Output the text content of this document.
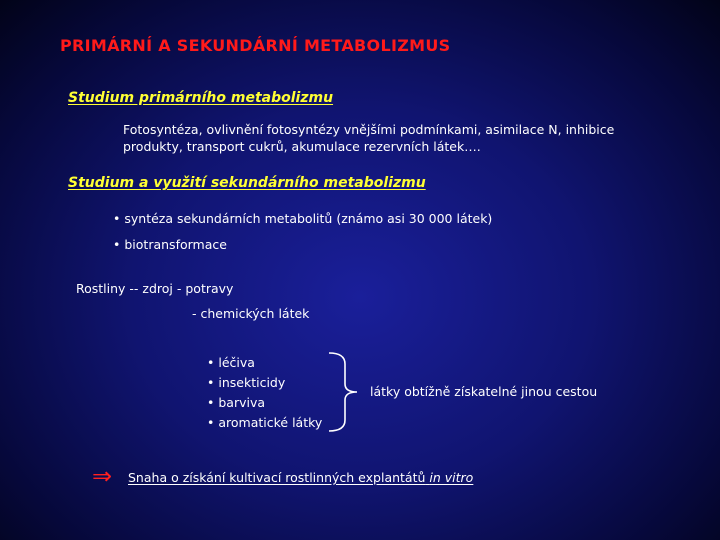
PRIMÁRNÍ A SEKUNDÁRNÍ METABOLIZMUS
Studium primárního metabolizmu
Fotosyntéza, ovlivnění fotosyntézy vnějšími podmínkami, asimilace N, inhibice
produkty, transport cukrů, akumulace rezervních látek….
Studium a využití sekundárního metabolizmu
• syntéza sekundárních metabolitů (známo asi 30 000 látek)
• biotransformace
Rostliny -- zdroj - potravy
- chemických látek
• léčiva
• insekticidy
• barviva
• aromatické látky
látky obtížně získatelné jinou cestou
⇒ Snaha o získání kultivací rostlinných explantátů in vitro
